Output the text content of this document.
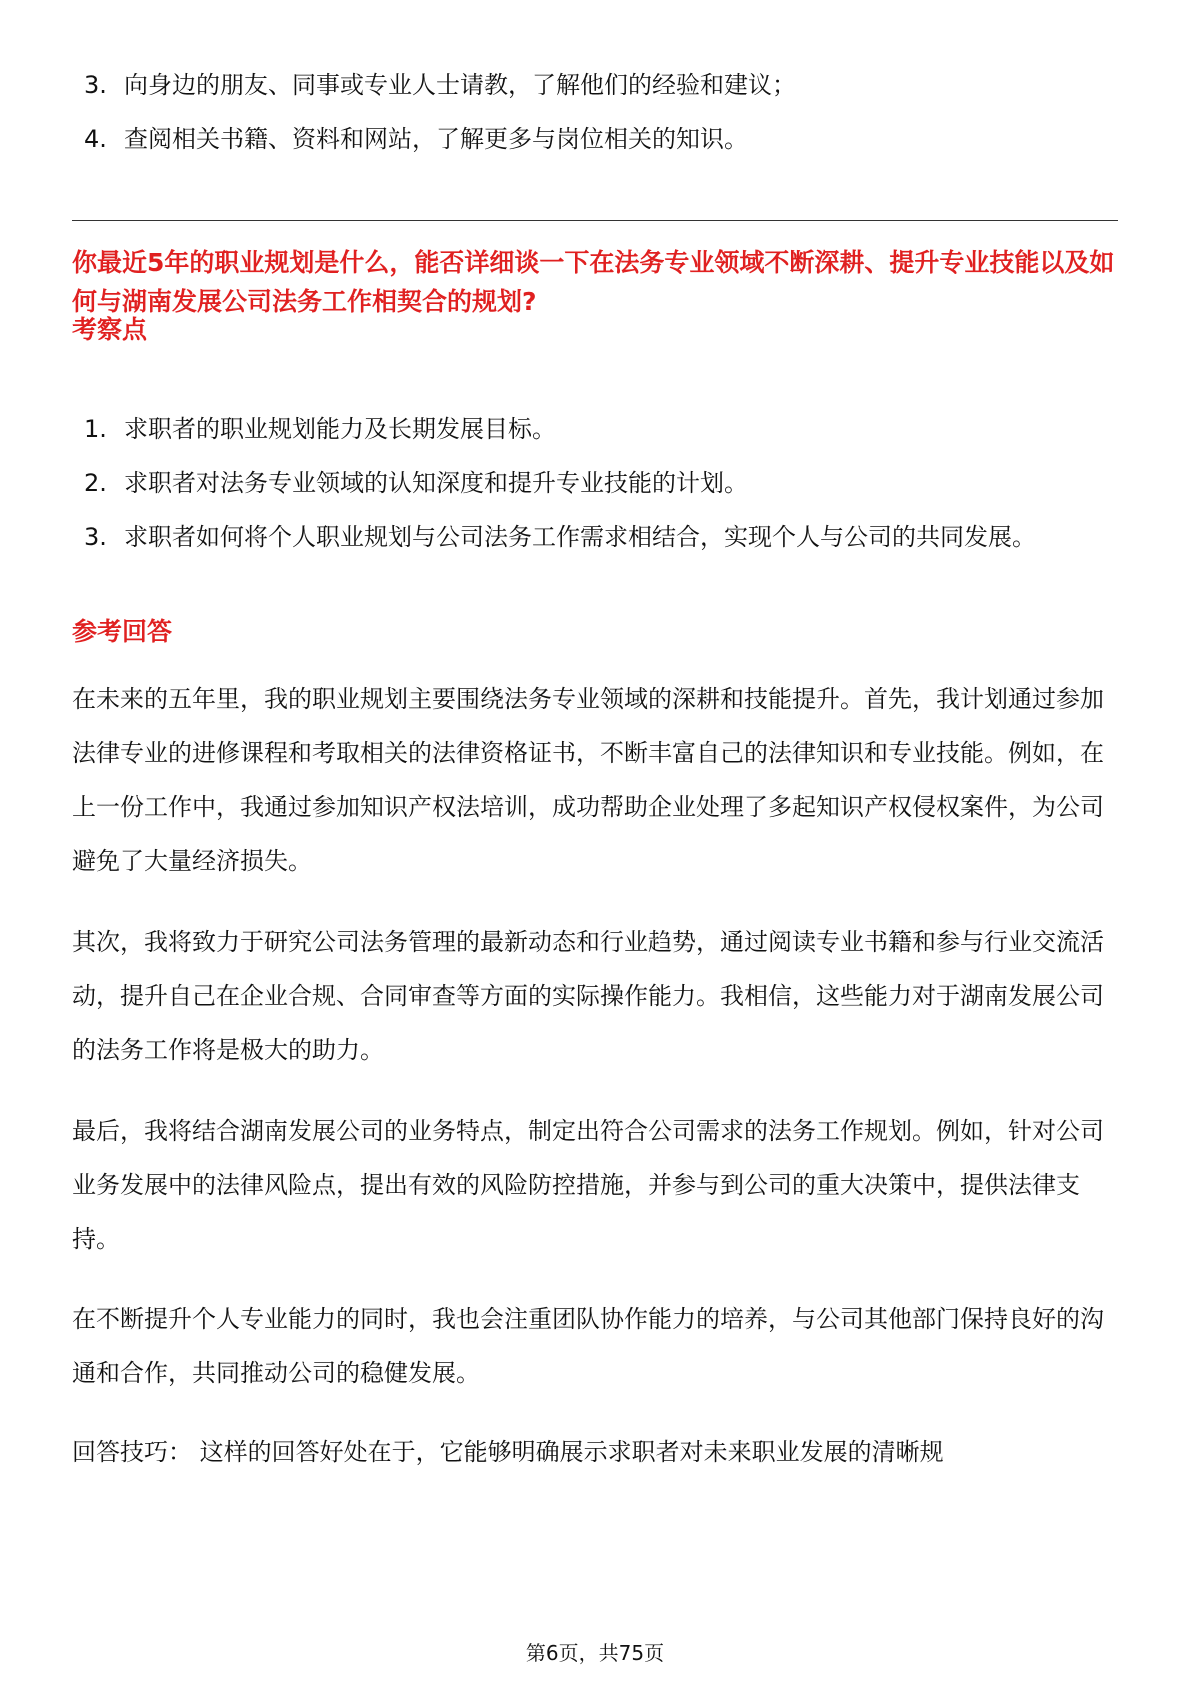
3. 向身边的朋友、同事或专业人士请教，了解他们的经验和建议；
4. 查阅相关书籍、资料和网站，了解更多与岗位相关的知识。
你最近5年的职业规划是什么，能否详细谈一下在法务专业领域不断深耕、提升专业技能以及如何与湖南发展公司法务工作相契合的规划?
考察点
1. 求职者的职业规划能力及长期发展目标。
2. 求职者对法务专业领域的认知深度和提升专业技能的计划。
3. 求职者如何将个人职业规划与公司法务工作需求相结合，实现个人与公司的共同发展。
参考回答

在未来的五年里，我的职业规划主要围绕法务专业领域的深耕和技能提升。首先，我计划通过参加法律专业的进修课程和考取相关的法律资格证书，不断丰富自己的法律知识和专业技能。例如，在上一份工作中，我通过参加知识产权法培训，成功帮助企业处理了多起知识产权侵权案件，为公司避免了大量经济损失。

其次，我将致力于研究公司法务管理的最新动态和行业趋势，通过阅读专业书籍和参与行业交流活动，提升自己在企业合规、合同审查等方面的实际操作能力。我相信，这些能力对于湖南发展公司的法务工作将是极大的助力。

最后，我将结合湖南发展公司的业务特点，制定出符合公司需求的法务工作规划。例如，针对公司业务发展中的法律风险点，提出有效的风险防控措施，并参与到公司的重大决策中，提供法律支持。

在不断提升个人专业能力的同时，我也会注重团队协作能力的培养，与公司其他部门保持良好的沟通和合作，共同推动公司的稳健发展。

回答技巧： 这样的回答好处在于，它能够明确展示求职者对未来职业发展的清晰规

第6页，共75页
